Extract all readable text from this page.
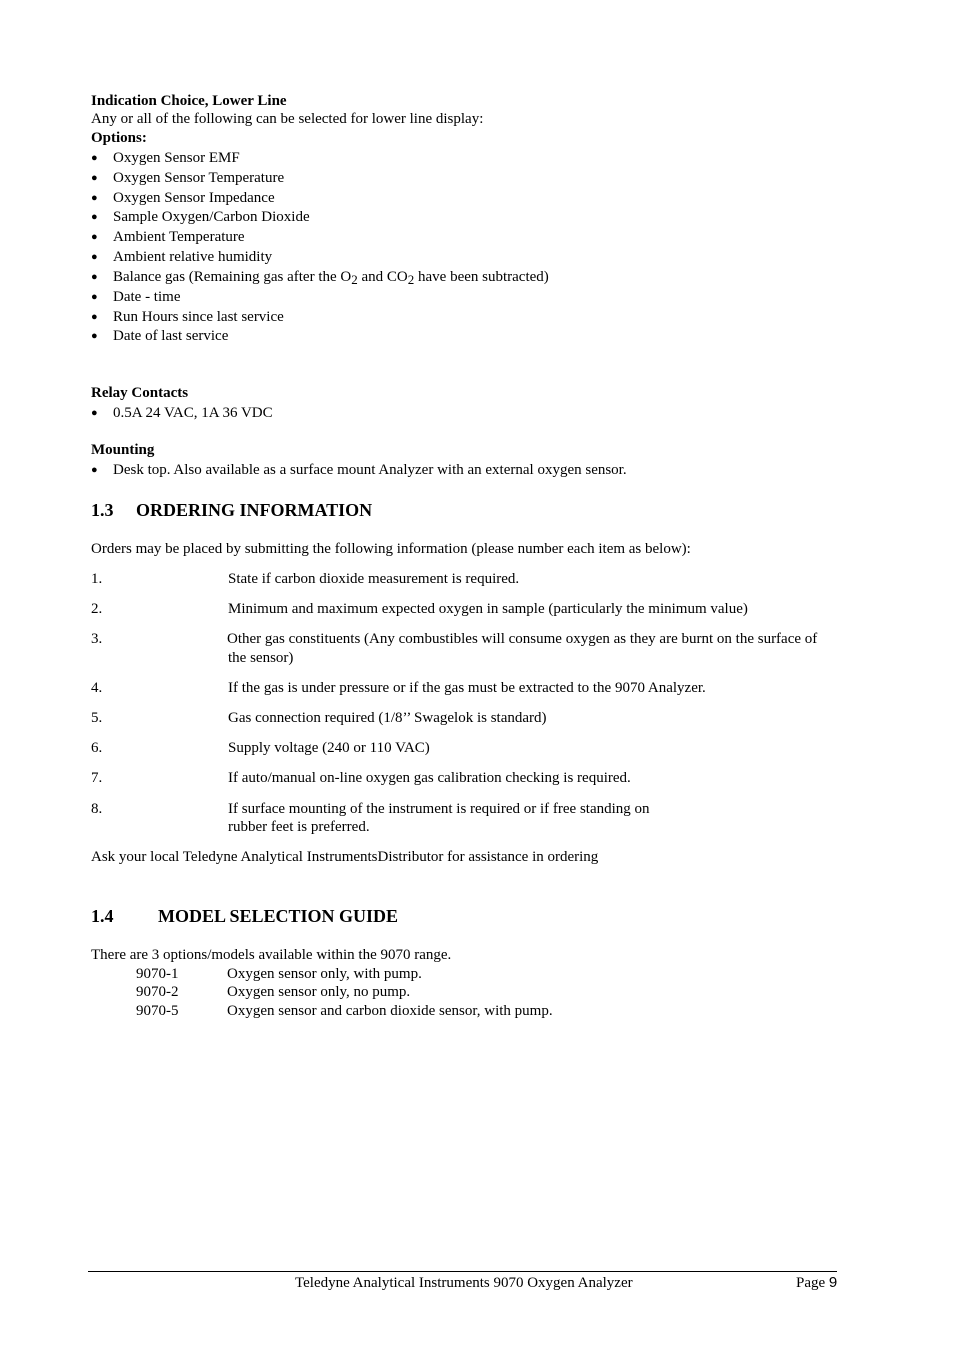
Indication Choice, Lower Line
Any or all of the following can be selected for lower line display:
Options:
● Oxygen Sensor EMF
● Oxygen Sensor Temperature
● Oxygen Sensor Impedance
● Sample Oxygen/Carbon Dioxide
● Ambient Temperature
● Ambient relative humidity
● Balance gas (Remaining gas after the $O_2$ and $CO_2$ have been subtracted)
● Date - time
● Run Hours since last service
● Date of last service
Relay Contacts
● 0.5A 24 VAC, 1A 36 VDC
Mounting
● Desk top. Also available as a surface mount Analyzer with an external oxygen sensor.
1.3 ORDERING INFORMATION
Orders may be placed by submitting the following information (please number each item as below):
1.	State if carbon dioxide measurement is required.
2.	Minimum and maximum expected oxygen in sample (particularly the minimum value)
3.	Other gas constituents (Any combustibles will consume oxygen as they are burnt on the surface of
the sensor)
4.	If the gas is under pressure or if the gas must be extracted to the 9070 Analyzer.
5.	Gas connection required (1/8’’ Swagelok is standard)
6.	Supply voltage (240 or 110 VAC)
7.	If auto/manual on-line oxygen gas calibration checking is required.
8.	If surface mounting of the instrument is required or if free standing on
rubber feet is preferred.
Ask your local Teledyne Analytical InstrumentsDistributor for assistance in ordering
1.4 MODEL SELECTION GUIDE
There are 3 options/models available within the 9070 range.
9070-1	Oxygen sensor only, with pump.
9070-2	Oxygen sensor only, no pump.
9070-5	Oxygen sensor and carbon dioxide sensor, with pump.
Teledyne Analytical Instruments 9070 Oxygen Analyzer	Page 9
